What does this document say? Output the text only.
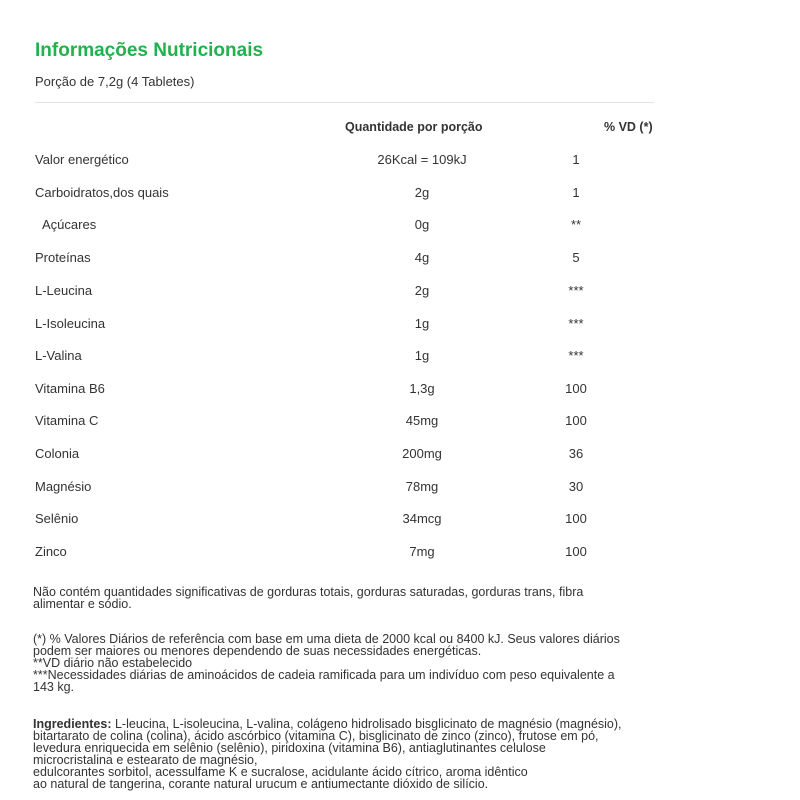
Informações Nutricionais
Porção de 7,2g (4 Tabletes)
Quantidade por porção	% VD (*)
Valor energético	26Kcal = 109kJ	1
Carboidratos,dos quais	2g	1
Açúcares	0g	**
Proteínas	4g	5
L-Leucina	2g	***
L-Isoleucina	1g	***
L-Valina	1g	***
Vitamina B6	1,3g	100
Vitamina C	45mg	100
Colonia	200mg	36
Magnésio	78mg	30
Selênio	34mcg	100
Zinco	7mg	100

Não contém quantidades significativas de gorduras totais, gorduras saturadas, gorduras trans, fibra

alimentar e sódio.

(*) % Valores Diários de referência com base em uma dieta de 2000 kcal ou 8400 kJ. Seus valores diários

podem ser maiores ou menores dependendo de suas necessidades energéticas.

**VD diário não estabelecido

***Necessidades diárias de aminoácidos de cadeia ramificada para um indivíduo com peso equivalente a

143 kg.

Ingredientes: L-leucina, L-isoleucina, L-valina, colágeno hidrolisado bisglicinato de magnésio (magnésio),

bitartarato de colina (colina), ácido ascórbico (vitamina C), bisglicinato de zinco (zinco), frutose em pó,

levedura enriquecida em selênio (selênio), piridoxina (vitamina B6), antiaglutinantes celulose

microcristalina e estearato de magnésio,

edulcorantes sorbitol, acessulfame K e sucralose, acidulante ácido cítrico, aroma idêntico

ao natural de tangerina, corante natural urucum e antiumectante dióxido de silício.
